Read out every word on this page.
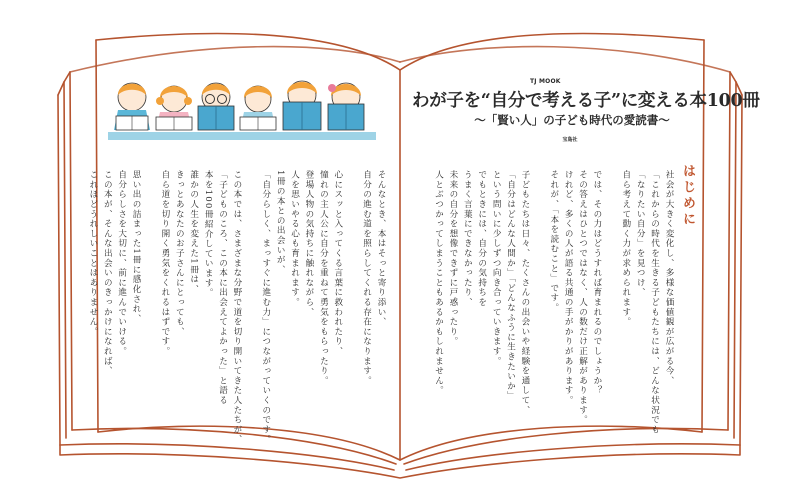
TJ MOOK
わが子を“自分で考える子”に変える本100冊
〜「賢い人」の子ども時代の愛読書〜
宝島社
はじめに
社会が大きく変化し、多様な価値観が広がる今、
「これからの時代を生きる子どもたちには、どんな状況でも
「なりたい自分」を見つけ、
自ら考えて動く力が求められます。

では、その力はどうすれば育まれるのでしょうか？
その答えはひとつではなく、人の数だけ正解があります。
けれど、多くの人が語る共通の手がかりがあります。
それが、「本を読むこと」です。

子どもたちは日々、たくさんの出会いや経験を通して、
「自分はどんな人間か」「どんなふうに生きたいか」
という問いに少しずつ向き合っていきます。
でもときには、自分の気持ちを
うまく言葉にできなかったり、
未来の自分を想像できずに戸惑ったり。
人とぶつかってしまうこともあるかもしれません。
そんなとき、本はそっと寄り添い、
自分の進む道を照らしてくれる存在になります。

心にスッと入ってくる言葉に救われたり、
憧れの主人公に自分を重ねて勇気をもらったり。
登場人物の気持ちに触れながら、
人を思いやる心も育まれます。
1冊の本との出会いが、
「自分らしく、まっすぐに進む力」につながっていくのです。

この本では、さまざまな分野で道を切り開いてきた人たちが、
「子どものころ、この本に出会えてよかった」と語る
本を100冊紹介しています。
誰かの人生を変えた1冊は、
きっとあなたのお子さんにとっても、
自ら道を切り開く勇気をくれるはずです。

思い出の詰まった1冊に感化され、
自分らしさを大切に、前に進んでいける。
この本が、そんな出会いのきっかけになれば、
これほどうれしいことはありません。
